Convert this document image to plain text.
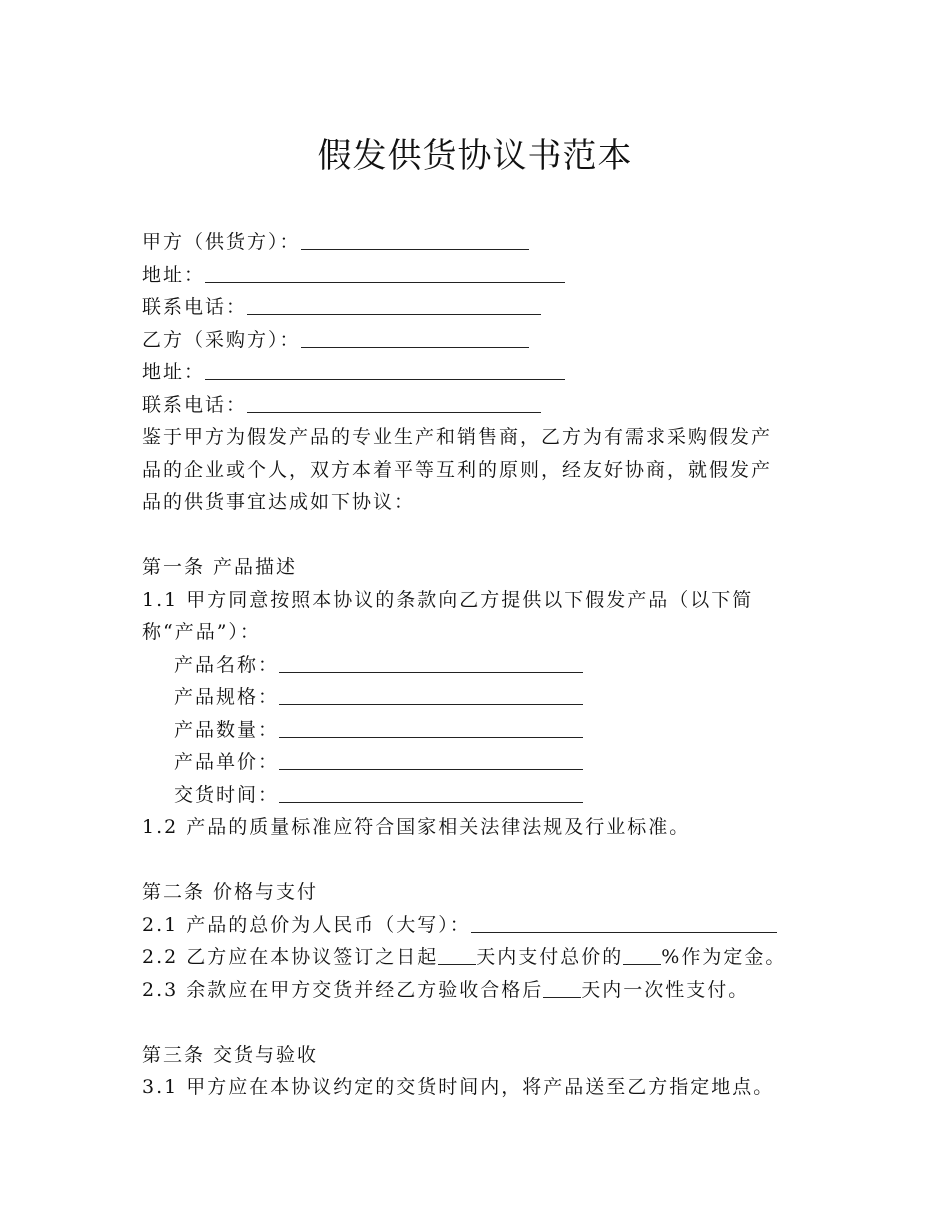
假发供货协议书范本
甲方（供货方）：
地址：
联系电话：
乙方（采购方）：
地址：
联系电话：
鉴于甲方为假发产品的专业生产和销售商，乙方为有需求采购假发产品的企业或个人，双方本着平等互利的原则，经友好协商，就假发产品的供货事宜达成如下协议：
第一条 产品描述
1.1 甲方同意按照本协议的条款向乙方提供以下假发产品（以下简称“产品”）：
产品名称：
产品规格：
产品数量：
产品单价：
交货时间：
1.2 产品的质量标准应符合国家相关法律法规及行业标准。
第二条 价格与支付
2.1 产品的总价为人民币（大写）：
2.2 乙方应在本协议签订之日起 天内支付总价的 %作为定金。
2.3 余款应在甲方交货并经乙方验收合格后 天内一次性支付。
第三条 交货与验收
3.1 甲方应在本协议约定的交货时间内，将产品送至乙方指定地点。
